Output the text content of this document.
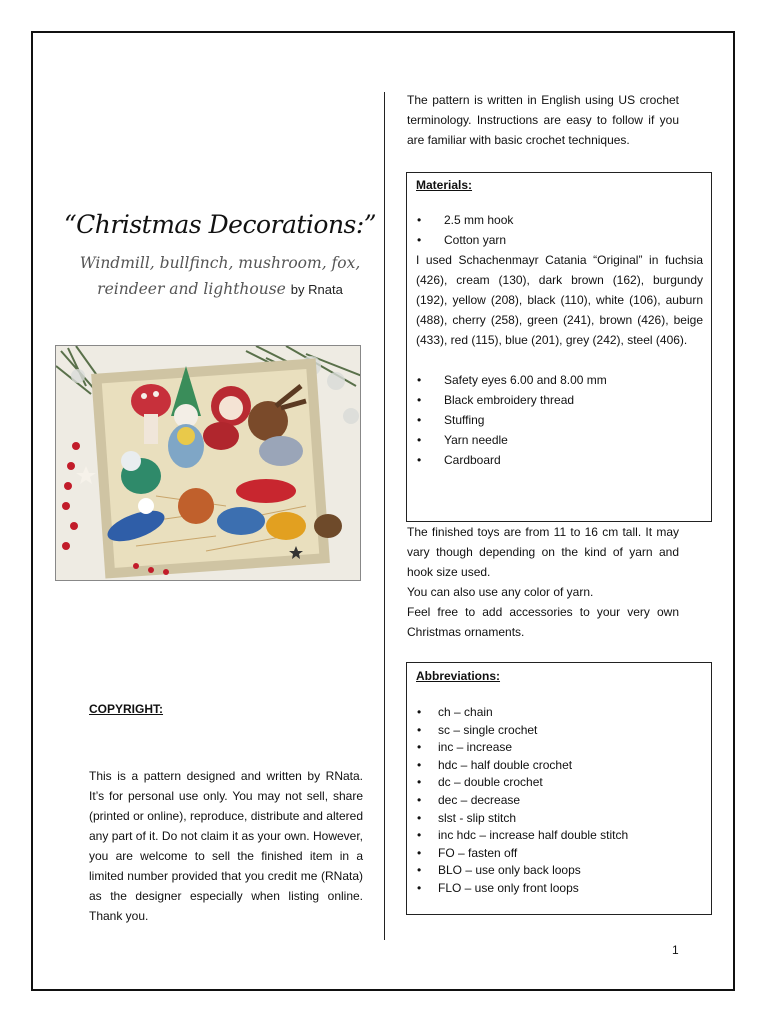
“Christmas Decorations:”
Windmill, bullfinch, mushroom, fox, reindeer and lighthouse by Rnata
COPYRIGHT:
This is a pattern designed and written by RNata. It’s for personal use only. You may not sell, share (printed or online), reproduce, distribute and altered any part of it. Do not claim it as your own. However, you are welcome to sell the finished item in a limited number provided that you credit me (RNata) as the designer especially when listing online. Thank you.
The pattern is written in English using US crochet terminology. Instructions are easy to follow if you are familiar with basic crochet techniques.
Materials:
• 2.5 mm hook
• Cotton yarn
I used Schachenmayr Catania “Original” in fuchsia (426), cream (130), dark brown (162), burgundy (192), yellow (208), black (110), white (106), auburn (488), cherry (258), green (241), brown (426), beige (433), red (115), blue (201), grey (242), steel (406).
• Safety eyes 6.00 and 8.00 mm
• Black embroidery thread
• Stuffing
• Yarn needle
• Cardboard

The finished toys are from 11 to 16 cm tall. It may vary though depending on the kind of yarn and hook size used.

You can also use any color of yarn.

Feel free to add accessories to your very own Christmas ornaments.

Abbreviations:
• ch – chain
• sc – single crochet
• inc – increase
• hdc – half double crochet
• dc – double crochet
• dec – decrease
• slst - slip stitch
• inc hdc – increase half double stitch
• FO – fasten off
• BLO – use only back loops
• FLO – use only front loops
1
